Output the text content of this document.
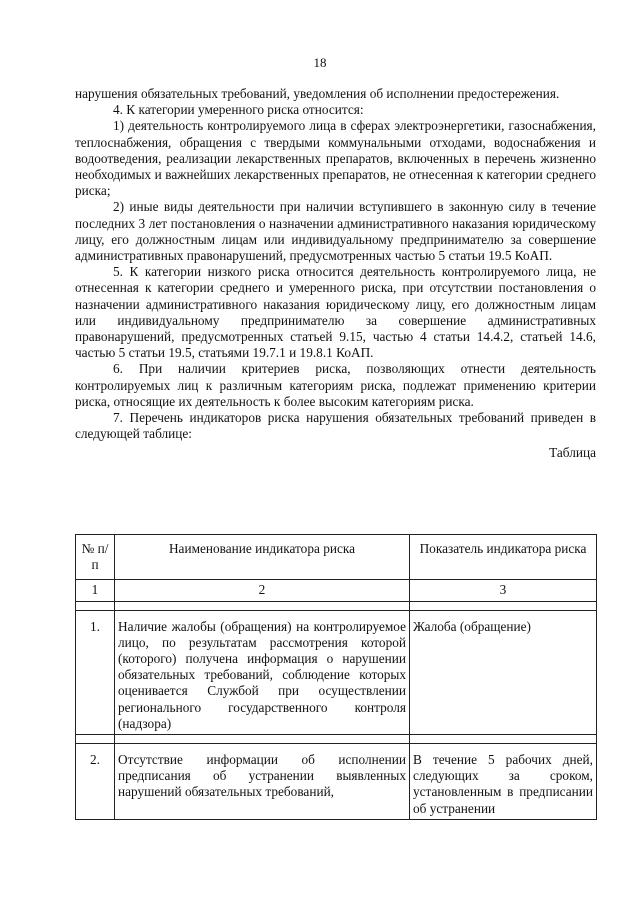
18

нарушения обязательных требований, уведомления об исполнении предостережения.

4. К категории умеренного риска относится:

1) деятельность контролируемого лица в сферах электроэнергетики, газоснабжения, теплоснабжения, обращения с твердыми коммунальными отходами, водоснабжения и водоотведения, реализации лекарственных препаратов, включенных в перечень жизненно необходимых и важнейших лекарственных препаратов, не отнесенная к категории среднего риска;

2) иные виды деятельности при наличии вступившего в законную силу в течение последних 3 лет постановления о назначении административного наказания юридическому лицу, его должностным лицам или индивидуальному предпринимателю за совершение административных правонарушений, предусмотренных частью 5 статьи 19.5 КоАП.

5. К категории низкого риска относится деятельность контролируемого лица, не отнесенная к категории среднего и умеренного риска, при отсутствии постановления о назначении административного наказания юридическому лицу, его должностным лицам или индивидуальному предпринимателю за совершение административных правонарушений, предусмотренных статьей 9.15, частью 4 статьи 14.4.2, статьей 14.6, частью 5 статьи 19.5, статьями 19.7.1 и 19.8.1 КоАП.

6. При наличии критериев риска, позволяющих отнести деятельность контролируемых лиц к различным категориям риска, подлежат применению критерии риска, относящие их деятельность к более высоким категориям риска.

7. Перечень индикаторов риска нарушения обязательных требований приведен в следующей таблице:

Таблица

№ п/п	Наименование индикатора риска	Показатель индикатора риска
1	2	3

1.	Наличие жалобы (обращения) на контролируемое лицо, по результатам рассмотрения которой (которого) получена информация о нарушении обязательных требований, соблюдение которых оценивается Службой при осуществлении регионального государственного контроля (надзора)	Жалоба (обращение)

2.	Отсутствие информации об исполнении предписания об устранении выявленных нарушений обязательных требований,	В течение 5 рабочих дней, следующих за сроком, установленным в предписании об устранении
